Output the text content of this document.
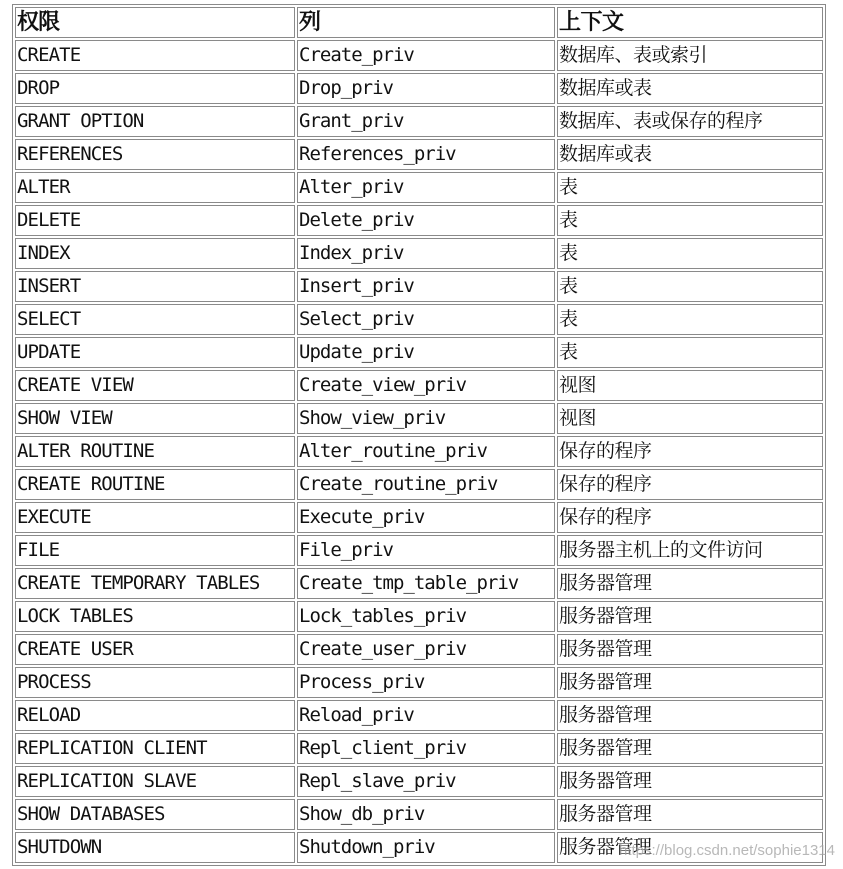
权限	列	上下文
CREATE	Create_priv	数据库、表或索引
DROP	Drop_priv	数据库或表
GRANT OPTION	Grant_priv	数据库、表或保存的程序
REFERENCES	References_priv	数据库或表
ALTER	Alter_priv	表
DELETE	Delete_priv	表
INDEX	Index_priv	表
INSERT	Insert_priv	表
SELECT	Select_priv	表
UPDATE	Update_priv	表
CREATE VIEW	Create_view_priv	视图
SHOW VIEW	Show_view_priv	视图
ALTER ROUTINE	Alter_routine_priv	保存的程序
CREATE ROUTINE	Create_routine_priv	保存的程序
EXECUTE	Execute_priv	保存的程序
FILE	File_priv	服务器主机上的文件访问
CREATE TEMPORARY TABLES	Create_tmp_table_priv	服务器管理
LOCK TABLES	Lock_tables_priv	服务器管理
CREATE USER	Create_user_priv	服务器管理
PROCESS	Process_priv	服务器管理
RELOAD	Reload_priv	服务器管理
REPLICATION CLIENT	Repl_client_priv	服务器管理
REPLICATION SLAVE	Repl_slave_priv	服务器管理
SHOW DATABASES	Show_db_priv	服务器管理
SHUTDOWN	Shutdown_priv	服务器管理
https://blog.csdn.net/sophie1314
